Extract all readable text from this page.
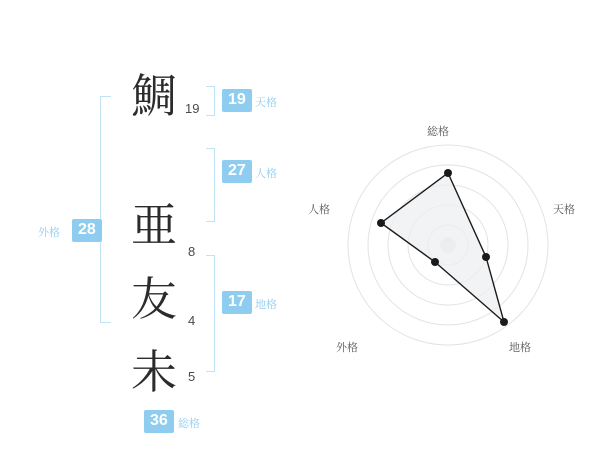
鯛
亜
友
未
19
8
4
5
外格	28
19 天格
27 人格
17 地格
36 総格
総格
天格
地格
外格
人格
